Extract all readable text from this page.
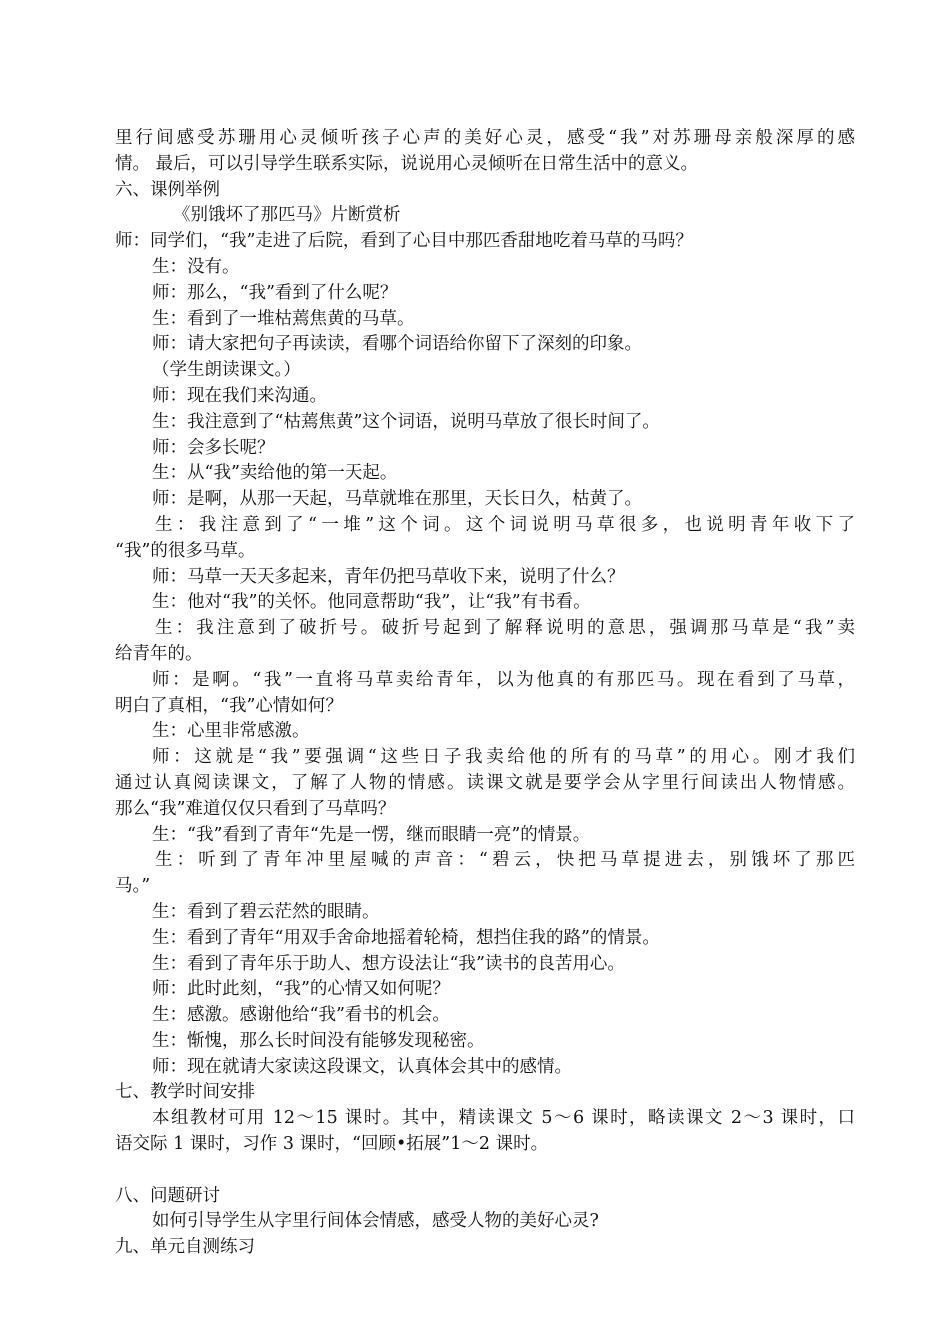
里行间感受苏珊用心灵倾听孩子心声的美好心灵，感受“我”对苏珊母亲般深厚的感
情。 最后，可以引导学生联系实际，说说用心灵倾听在日常生活中的意义。
六、课例举例
《别饿坏了那匹马》片断赏析
师：同学们，“我”走进了后院，看到了心目中那匹香甜地吃着马草的马吗？
生：没有。
师：那么，“我”看到了什么呢？
生：看到了一堆枯蔫焦黄的马草。
师：请大家把句子再读读，看哪个词语给你留下了深刻的印象。
（学生朗读课文。）
师：现在我们来沟通。
生：我注意到了“枯蔫焦黄”这个词语，说明马草放了很长时间了。
师：会多长呢？
生：从“我”卖给他的第一天起。
师：是啊，从那一天起，马草就堆在那里，天长日久，枯黄了。
生：我注意到了“一堆”这个词。这个词说明马草很多，也说明青年收下了
“我”的很多马草。
师：马草一天天多起来，青年仍把马草收下来，说明了什么？
生：他对“我”的关怀。他同意帮助“我”，让“我”有书看。
生：我注意到了破折号。破折号起到了解释说明的意思，强调那马草是“我”卖
给青年的。
师：是啊。“我”一直将马草卖给青年，以为他真的有那匹马。现在看到了马草，
明白了真相，“我”心情如何？
生：心里非常感激。
师：这就是“我”要强调“这些日子我卖给他的所有的马草”的用心。刚才我们
通过认真阅读课文，了解了人物的情感。读课文就是要学会从字里行间读出人物情感。
那么“我”难道仅仅只看到了马草吗？
生：“我”看到了青年“先是一愣，继而眼睛一亮”的情景。
生：听到了青年冲里屋喊的声音：“碧云，快把马草提进去，别饿坏了那匹
马。”
生：看到了碧云茫然的眼睛。
生：看到了青年“用双手舍命地摇着轮椅，想挡住我的路”的情景。
生：看到了青年乐于助人、想方设法让“我”读书的良苦用心。
师：此时此刻，“我”的心情又如何呢？
生：感激。感谢他给“我”看书的机会。
生：惭愧，那么长时间没有能够发现秘密。
师：现在就请大家读这段课文，认真体会其中的感情。
七、教学时间安排
本组教材可用 12～15 课时。其中，精读课文 5～6 课时，略读课文 2～3 课时，口
语交际 1 课时，习作 3 课时，“回顾•拓展”1～2 课时。
八、问题研讨
如何引导学生从字里行间体会情感，感受人物的美好心灵?
九、单元自测练习
